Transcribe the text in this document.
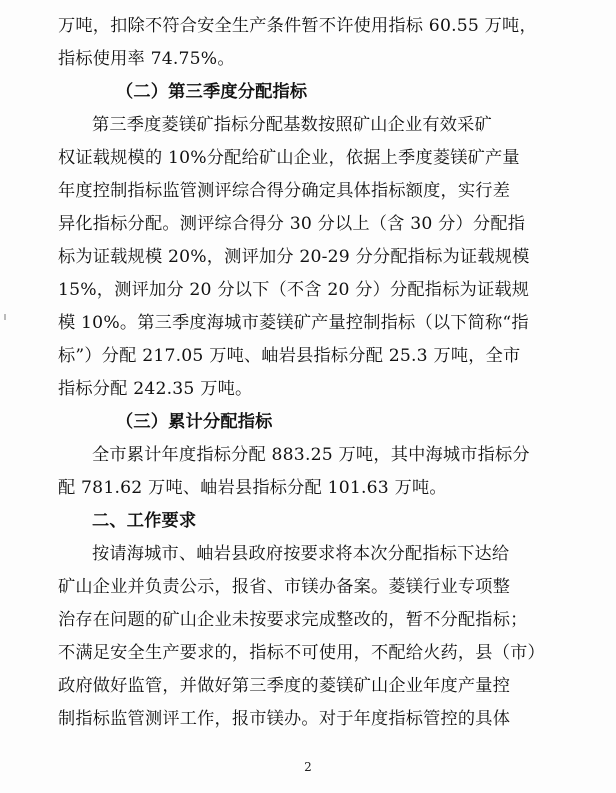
万吨，扣除不符合安全生产条件暂不许使用指标 60.55 万吨，
指标使用率 74.75%。
（二）第三季度分配指标
第三季度菱镁矿指标分配基数按照矿山企业有效采矿
权证载规模的 10%分配给矿山企业，依据上季度菱镁矿产量
年度控制指标监管测评综合得分确定具体指标额度，实行差
异化指标分配。测评综合得分 30 分以上（含 30 分）分配指
标为证载规模 20%，测评加分 20-29 分分配指标为证载规模
15%，测评加分 20 分以下（不含 20 分）分配指标为证载规
模 10%。第三季度海城市菱镁矿产量控制指标（以下简称“指
标”）分配 217.05 万吨、岫岩县指标分配 25.3 万吨，全市
指标分配 242.35 万吨。
（三）累计分配指标
全市累计年度指标分配 883.25 万吨，其中海城市指标分
配 781.62 万吨、岫岩县指标分配 101.63 万吨。
二、工作要求
按请海城市、岫岩县政府按要求将本次分配指标下达给
矿山企业并负责公示，报省、市镁办备案。菱镁行业专项整
治存在问题的矿山企业未按要求完成整改的，暂不分配指标；
不满足安全生产要求的，指标不可使用，不配给火药，县（市）
政府做好监管，并做好第三季度的菱镁矿山企业年度产量控
制指标监管测评工作，报市镁办。对于年度指标管控的具体
2
